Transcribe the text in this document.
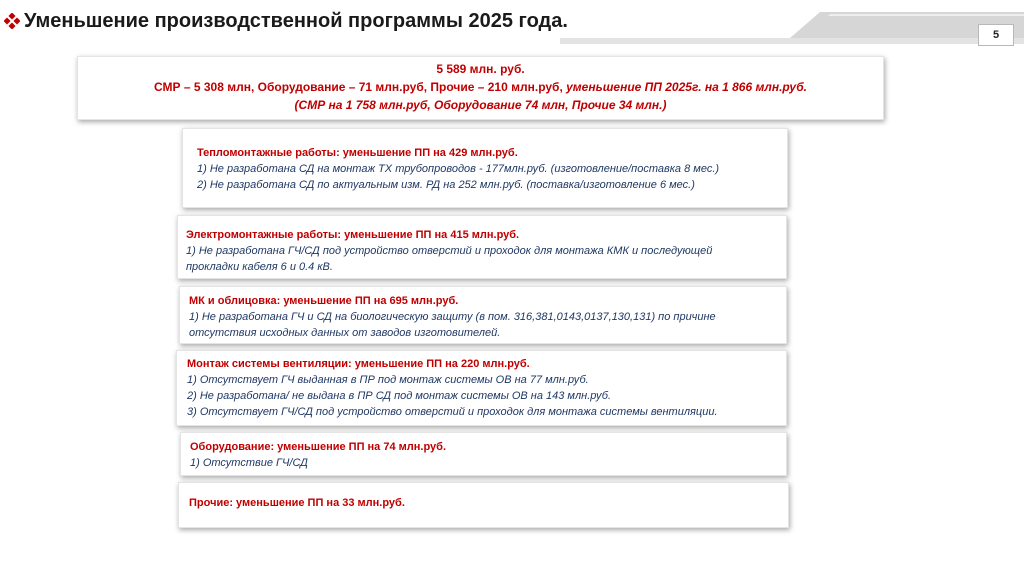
Уменьшение производственной программы 2025 года.
5
5 589 млн. руб.
СМР – 5 308 млн, Оборудование – 71 млн.руб, Прочие – 210 млн.руб, уменьшение ПП 2025г. на 1 866 млн.руб.
(СМР на 1 758 млн.руб, Оборудование 74 млн, Прочие 34 млн.)
Тепломонтажные работы: уменьшение ПП на 429 млн.руб.
1) Не разработана СД на монтаж ТХ трубопроводов - 177млн.руб. (изготовление/поставка 8 мес.)
2) Не разработана СД по актуальным изм. РД на 252 млн.руб. (поставка/изготовление 6 мес.)
Электромонтажные работы: уменьшение ПП на 415 млн.руб.
1) Не разработана ГЧ/СД под устройство отверстий и проходок для монтажа КМК и последующей
прокладки кабеля 6 и 0.4 кВ.
МК и облицовка: уменьшение ПП на 695 млн.руб.
1) Не разработана ГЧ и СД на биологическую защиту (в пом. 316,381,0143,0137,130,131) по причине
отсутствия исходных данных от заводов изготовителей.
Монтаж системы вентиляции: уменьшение ПП на 220 млн.руб.
1) Отсутствует ГЧ выданная в ПР под монтаж системы ОВ на 77 млн.руб.
2) Не разработана/ не выдана в ПР СД под монтаж системы ОВ на 143 млн.руб.
3) Отсутствует ГЧ/СД под устройство отверстий и проходок для монтажа системы вентиляции.
Оборудование: уменьшение ПП на 74 млн.руб.
1) Отсутствие ГЧ/СД
Прочие: уменьшение ПП на 33 млн.руб.
